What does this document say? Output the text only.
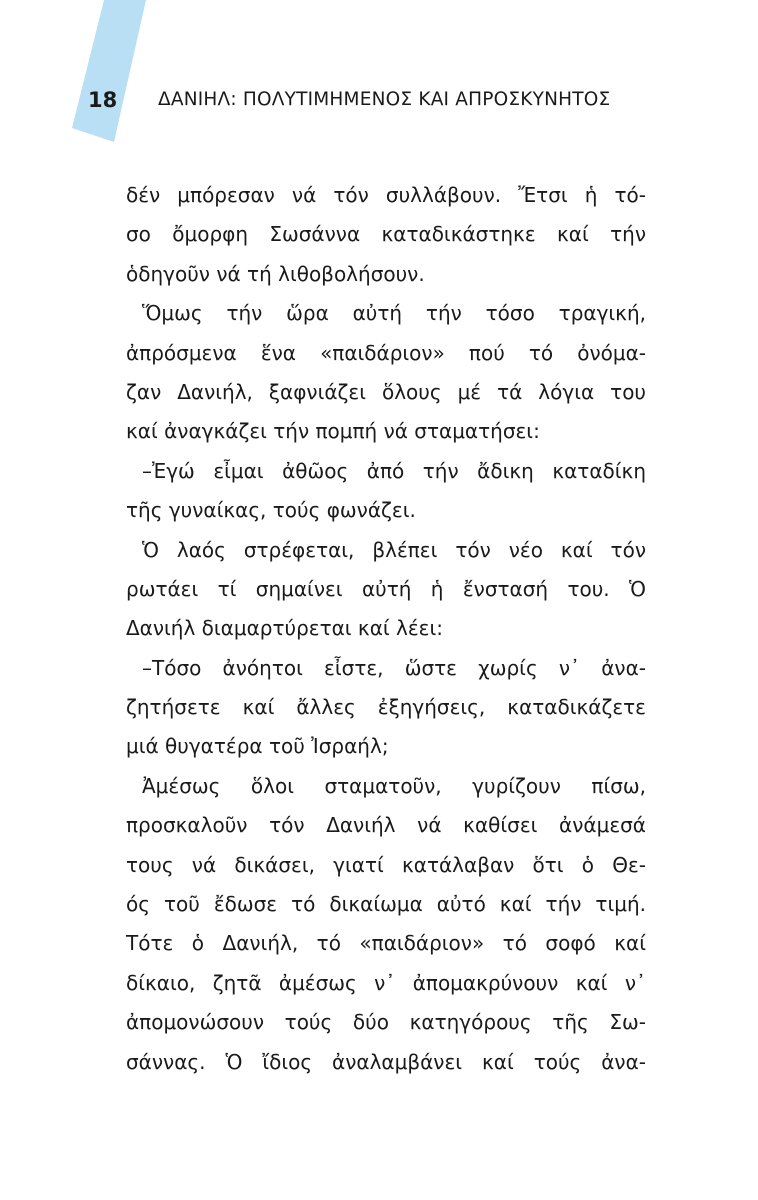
18 ΔΑΝΙΗΛ: ΠΟΛΥΤΙΜΗΜΕΝΟΣ ΚΑΙ ΑΠΡΟΣΚΥΝΗΤΟΣ
δέν μπόρεσαν νά τόν συλλάβουν. Ἔτσι ἡ τό-
σο ὄμορφη Σωσάννα καταδικάστηκε καί τήν
ὁδηγοῦν νά τή λιθοβολήσουν.
Ὅμως τήν ὥρα αὐτή τήν τόσο τραγική,
ἀπρόσμενα ἕνα «παιδάριον» πού τό ὀνόμα-
ζαν Δανιήλ, ξαφνιάζει ὅλους μέ τά λόγια του
καί ἀναγκάζει τήν πομπή νά σταματήσει:
–Ἐγώ εἶμαι ἀθῶος ἀπό τήν ἄδικη καταδίκη
τῆς γυναίκας, τούς φωνάζει.
Ὁ λαός στρέφεται, βλέπει τόν νέο καί τόν
ρωτάει τί σημαίνει αὐτή ἡ ἔνστασή του. Ὁ
Δανιήλ διαμαρτύρεται καί λέει:
–Τόσο ἀνόητοι εἶστε, ὥστε χωρίς ν᾿ ἀνα-
ζητήσετε καί ἄλλες ἐξηγήσεις, καταδικάζετε
μιά θυγατέρα τοῦ Ἰσραήλ;
Ἀμέσως ὅλοι σταματοῦν, γυρίζουν πίσω,
προσκαλοῦν τόν Δανιήλ νά καθίσει ἀνάμεσά
τους νά δικάσει, γιατί κατάλαβαν ὅτι ὁ Θε-
ός τοῦ ἔδωσε τό δικαίωμα αὐτό καί τήν τιμή.
Τότε ὁ Δανιήλ, τό «παιδάριον» τό σοφό καί
δίκαιο, ζητᾶ ἀμέσως ν᾿ ἀπομακρύνουν καί ν᾿
ἀπομονώσουν τούς δύο κατηγόρους τῆς Σω-
σάννας. Ὁ ἴδιος ἀναλαμβάνει καί τούς ἀνα-
